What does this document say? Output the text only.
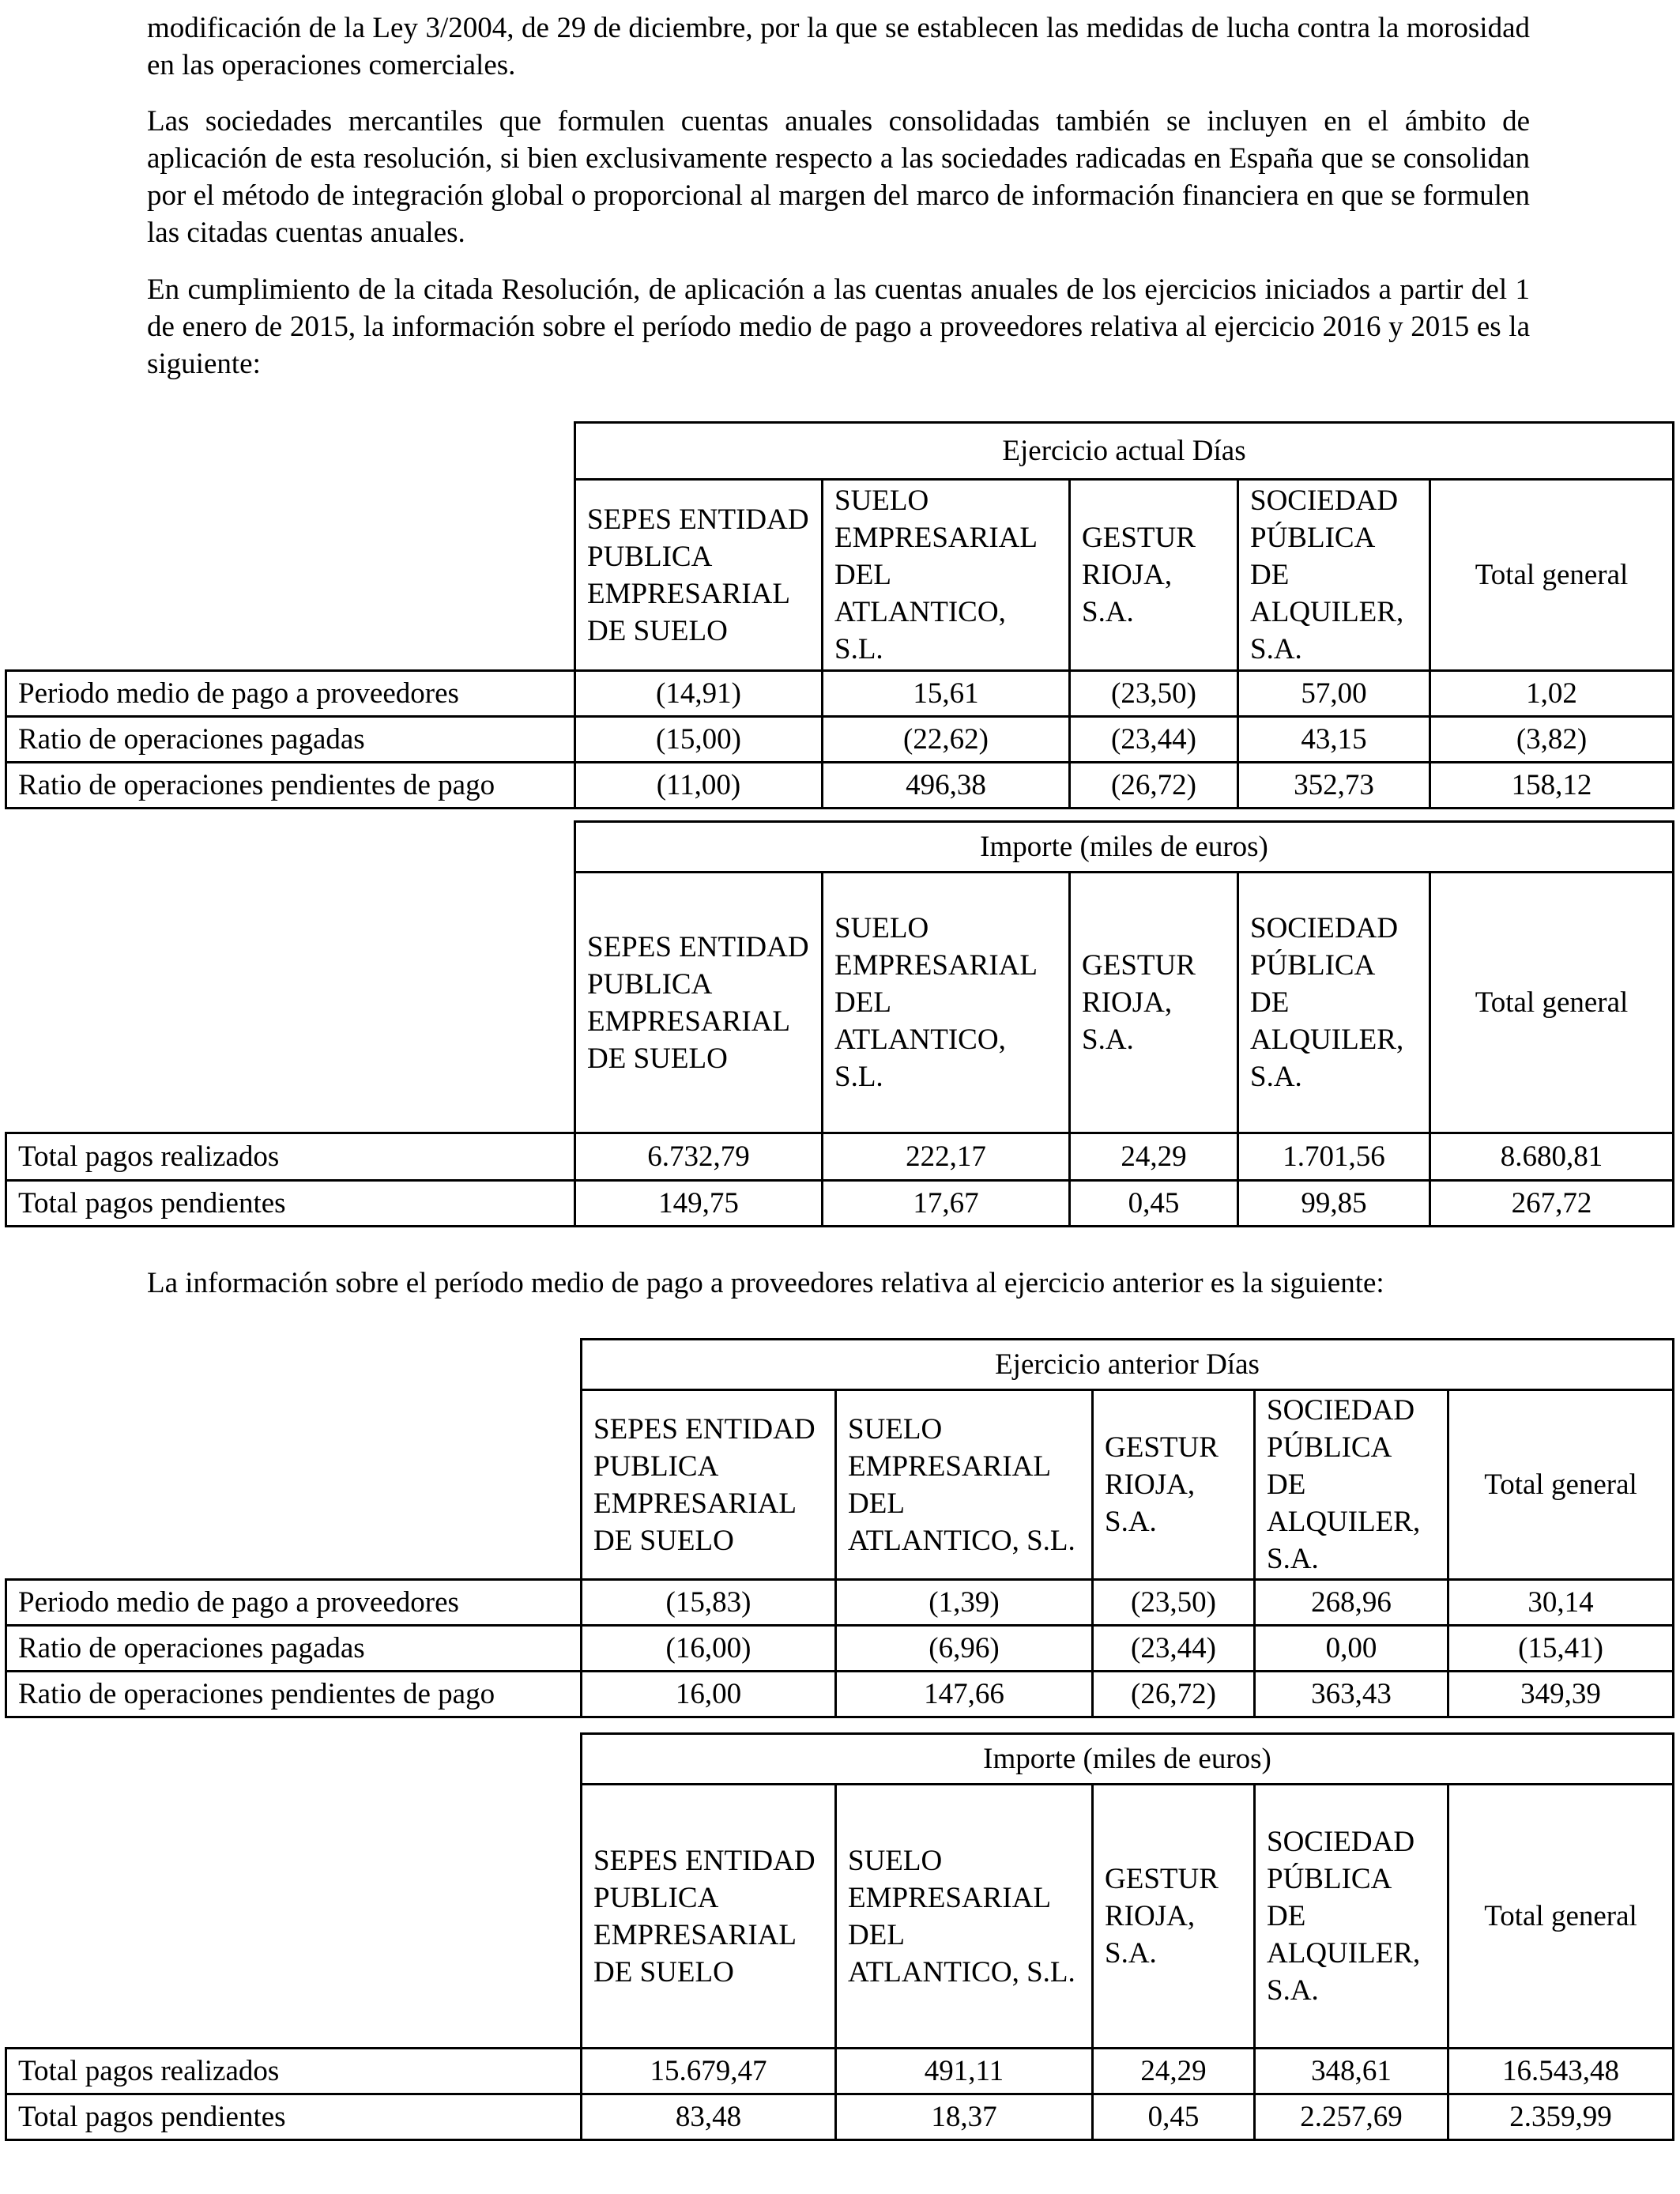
modificación de la Ley 3/2004, de 29 de diciembre, por la que se establecen las medidas de lucha contra la morosidad en las operaciones comerciales.

Las sociedades mercantiles que formulen cuentas anuales consolidadas también se incluyen en el ámbito de aplicación de esta resolución, si bien exclusivamente respecto a las sociedades radicadas en España que se consolidan por el método de integración global o proporcional al margen del marco de información financiera en que se formulen las citadas cuentas anuales.

En cumplimiento de la citada Resolución, de aplicación a las cuentas anuales de los ejercicios iniciados a partir del 1 de enero de 2015, la información sobre el período medio de pago a proveedores relativa al ejercicio 2016 y 2015 es la siguiente:

	Ejercicio actual Días				
	SEPES ENTIDAD PUBLICA EMPRESARIAL DE SUELO	SUELO EMPRESARIAL DEL ATLANTICO, S.L.	GESTUR RIOJA, S.A.	SOCIEDAD PÚBLICA DE ALQUILER, S.A.	Total general
Periodo medio de pago a proveedores	(14,91)	15,61	(23,50)	57,00	1,02
Ratio de operaciones pagadas	(15,00)	(22,62)	(23,44)	43,15	(3,82)
Ratio de operaciones pendientes de pago	(11,00)	496,38	(26,72)	352,73	158,12
	Importe (miles de euros)				
	SEPES ENTIDAD PUBLICA EMPRESARIAL DE SUELO	SUELO EMPRESARIAL DEL ATLANTICO, S.L.	GESTUR RIOJA, S.A.	SOCIEDAD PÚBLICA DE ALQUILER, S.A.	Total general
Total pagos realizados	6.732,79	222,17	24,29	1.701,56	8.680,81
Total pagos pendientes	149,75	17,67	0,45	99,85	267,72

La información sobre el período medio de pago a proveedores relativa al ejercicio anterior es la siguiente:

	Ejercicio anterior Días				
	SEPES ENTIDAD PUBLICA EMPRESARIAL DE SUELO	SUELO EMPRESARIAL DEL ATLANTICO, S.L.	GESTUR RIOJA, S.A.	SOCIEDAD PÚBLICA DE ALQUILER, S.A.	Total general
Periodo medio de pago a proveedores	(15,83)	(1,39)	(23,50)	268,96	30,14
Ratio de operaciones pagadas	(16,00)	(6,96)	(23,44)	0,00	(15,41)
Ratio de operaciones pendientes de pago	16,00	147,66	(26,72)	363,43	349,39
	Importe (miles de euros)				
	SEPES ENTIDAD PUBLICA EMPRESARIAL DE SUELO	SUELO EMPRESARIAL DEL ATLANTICO, S.L.	GESTUR RIOJA, S.A.	SOCIEDAD PÚBLICA DE ALQUILER, S.A.	Total general
Total pagos realizados	15.679,47	491,11	24,29	348,61	16.543,48
Total pagos pendientes	83,48	18,37	0,45	2.257,69	2.359,99
